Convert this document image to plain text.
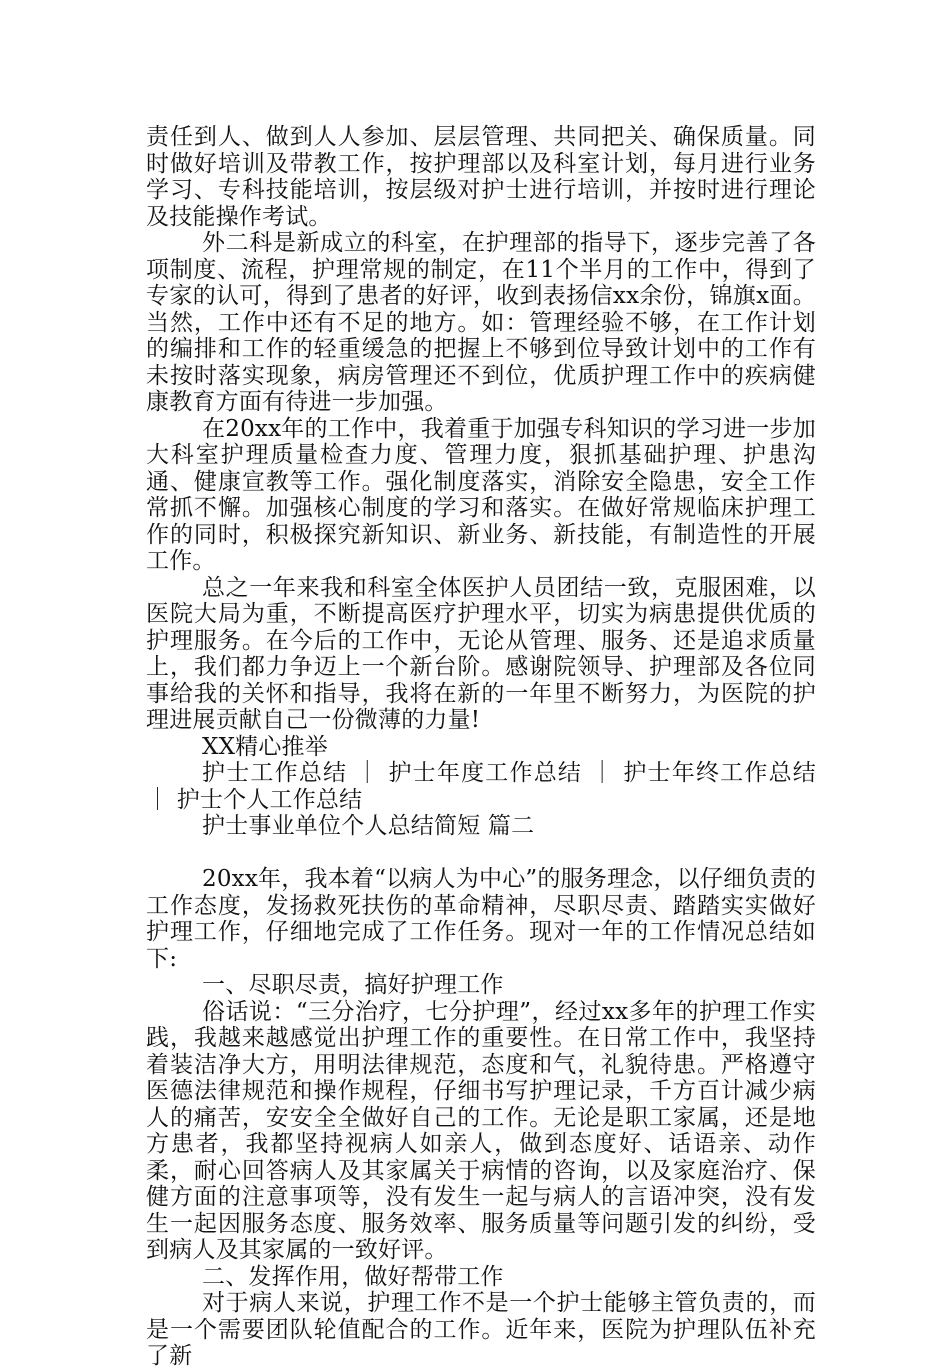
责任到人、做到人人参加、层层管理、共同把关、确保质量。同时做好培训及带教工作，按护理部以及科室计划，每月进行业务学习、专科技能培训，按层级对护士进行培训，并按时进行理论及技能操作考试。

外二科是新成立的科室，在护理部的指导下，逐步完善了各项制度、流程，护理常规的制定，在11个半月的工作中，得到了专家的认可，得到了患者的好评，收到表扬信xx余份，锦旗x面。当然，工作中还有不足的地方。如：管理经验不够，在工作计划的编排和工作的轻重缓急的把握上不够到位导致计划中的工作有未按时落实现象，病房管理还不到位，优质护理工作中的疾病健康教育方面有待进一步加强。

在20xx年的工作中，我着重于加强专科知识的学习进一步加大科室护理质量检查力度、管理力度，狠抓基础护理、护患沟通、健康宣教等工作。强化制度落实，消除安全隐患，安全工作常抓不懈。加强核心制度的学习和落实。在做好常规临床护理工作的同时，积极探究新知识、新业务、新技能，有制造性的开展工作。

总之一年来我和科室全体医护人员团结一致，克服困难，以医院大局为重，不断提高医疗护理水平，切实为病患提供优质的护理服务。在今后的工作中，无论从管理、服务、还是追求质量上，我们都力争迈上一个新台阶。感谢院领导、护理部及各位同事给我的关怀和指导，我将在新的一年里不断努力，为医院的护理进展贡献自己一份微薄的力量!

XX精心推举

护士工作总结 ｜ 护士年度工作总结 ｜ 护士年终工作总结 ｜ 护士个人工作总结

护士事业单位个人总结简短 篇二

20xx年，我本着“以病人为中心”的服务理念，以仔细负责的工作态度，发扬救死扶伤的革命精神，尽职尽责、踏踏实实做好护理工作，仔细地完成了工作任务。现对一年的工作情况总结如下:

一、尽职尽责，搞好护理工作

俗话说：“三分治疗，七分护理”，经过xx多年的护理工作实践，我越来越感觉出护理工作的重要性。在日常工作中，我坚持着装洁净大方，用明法律规范，态度和气，礼貌待患。严格遵守医德法律规范和操作规程，仔细书写护理记录，千方百计减少病人的痛苦，安安全全做好自己的工作。无论是职工家属，还是地方患者，我都坚持视病人如亲人，做到态度好、话语亲、动作柔，耐心回答病人及其家属关于病情的咨询，以及家庭治疗、保健方面的注意事项等，没有发生一起与病人的言语冲突，没有发生一起因服务态度、服务效率、服务质量等问题引发的纠纷，受到病人及其家属的一致好评。

二、发挥作用，做好帮带工作

对于病人来说，护理工作不是一个护士能够主管负责的，而是一个需要团队轮值配合的工作。近年来，医院为护理队伍补充了新
